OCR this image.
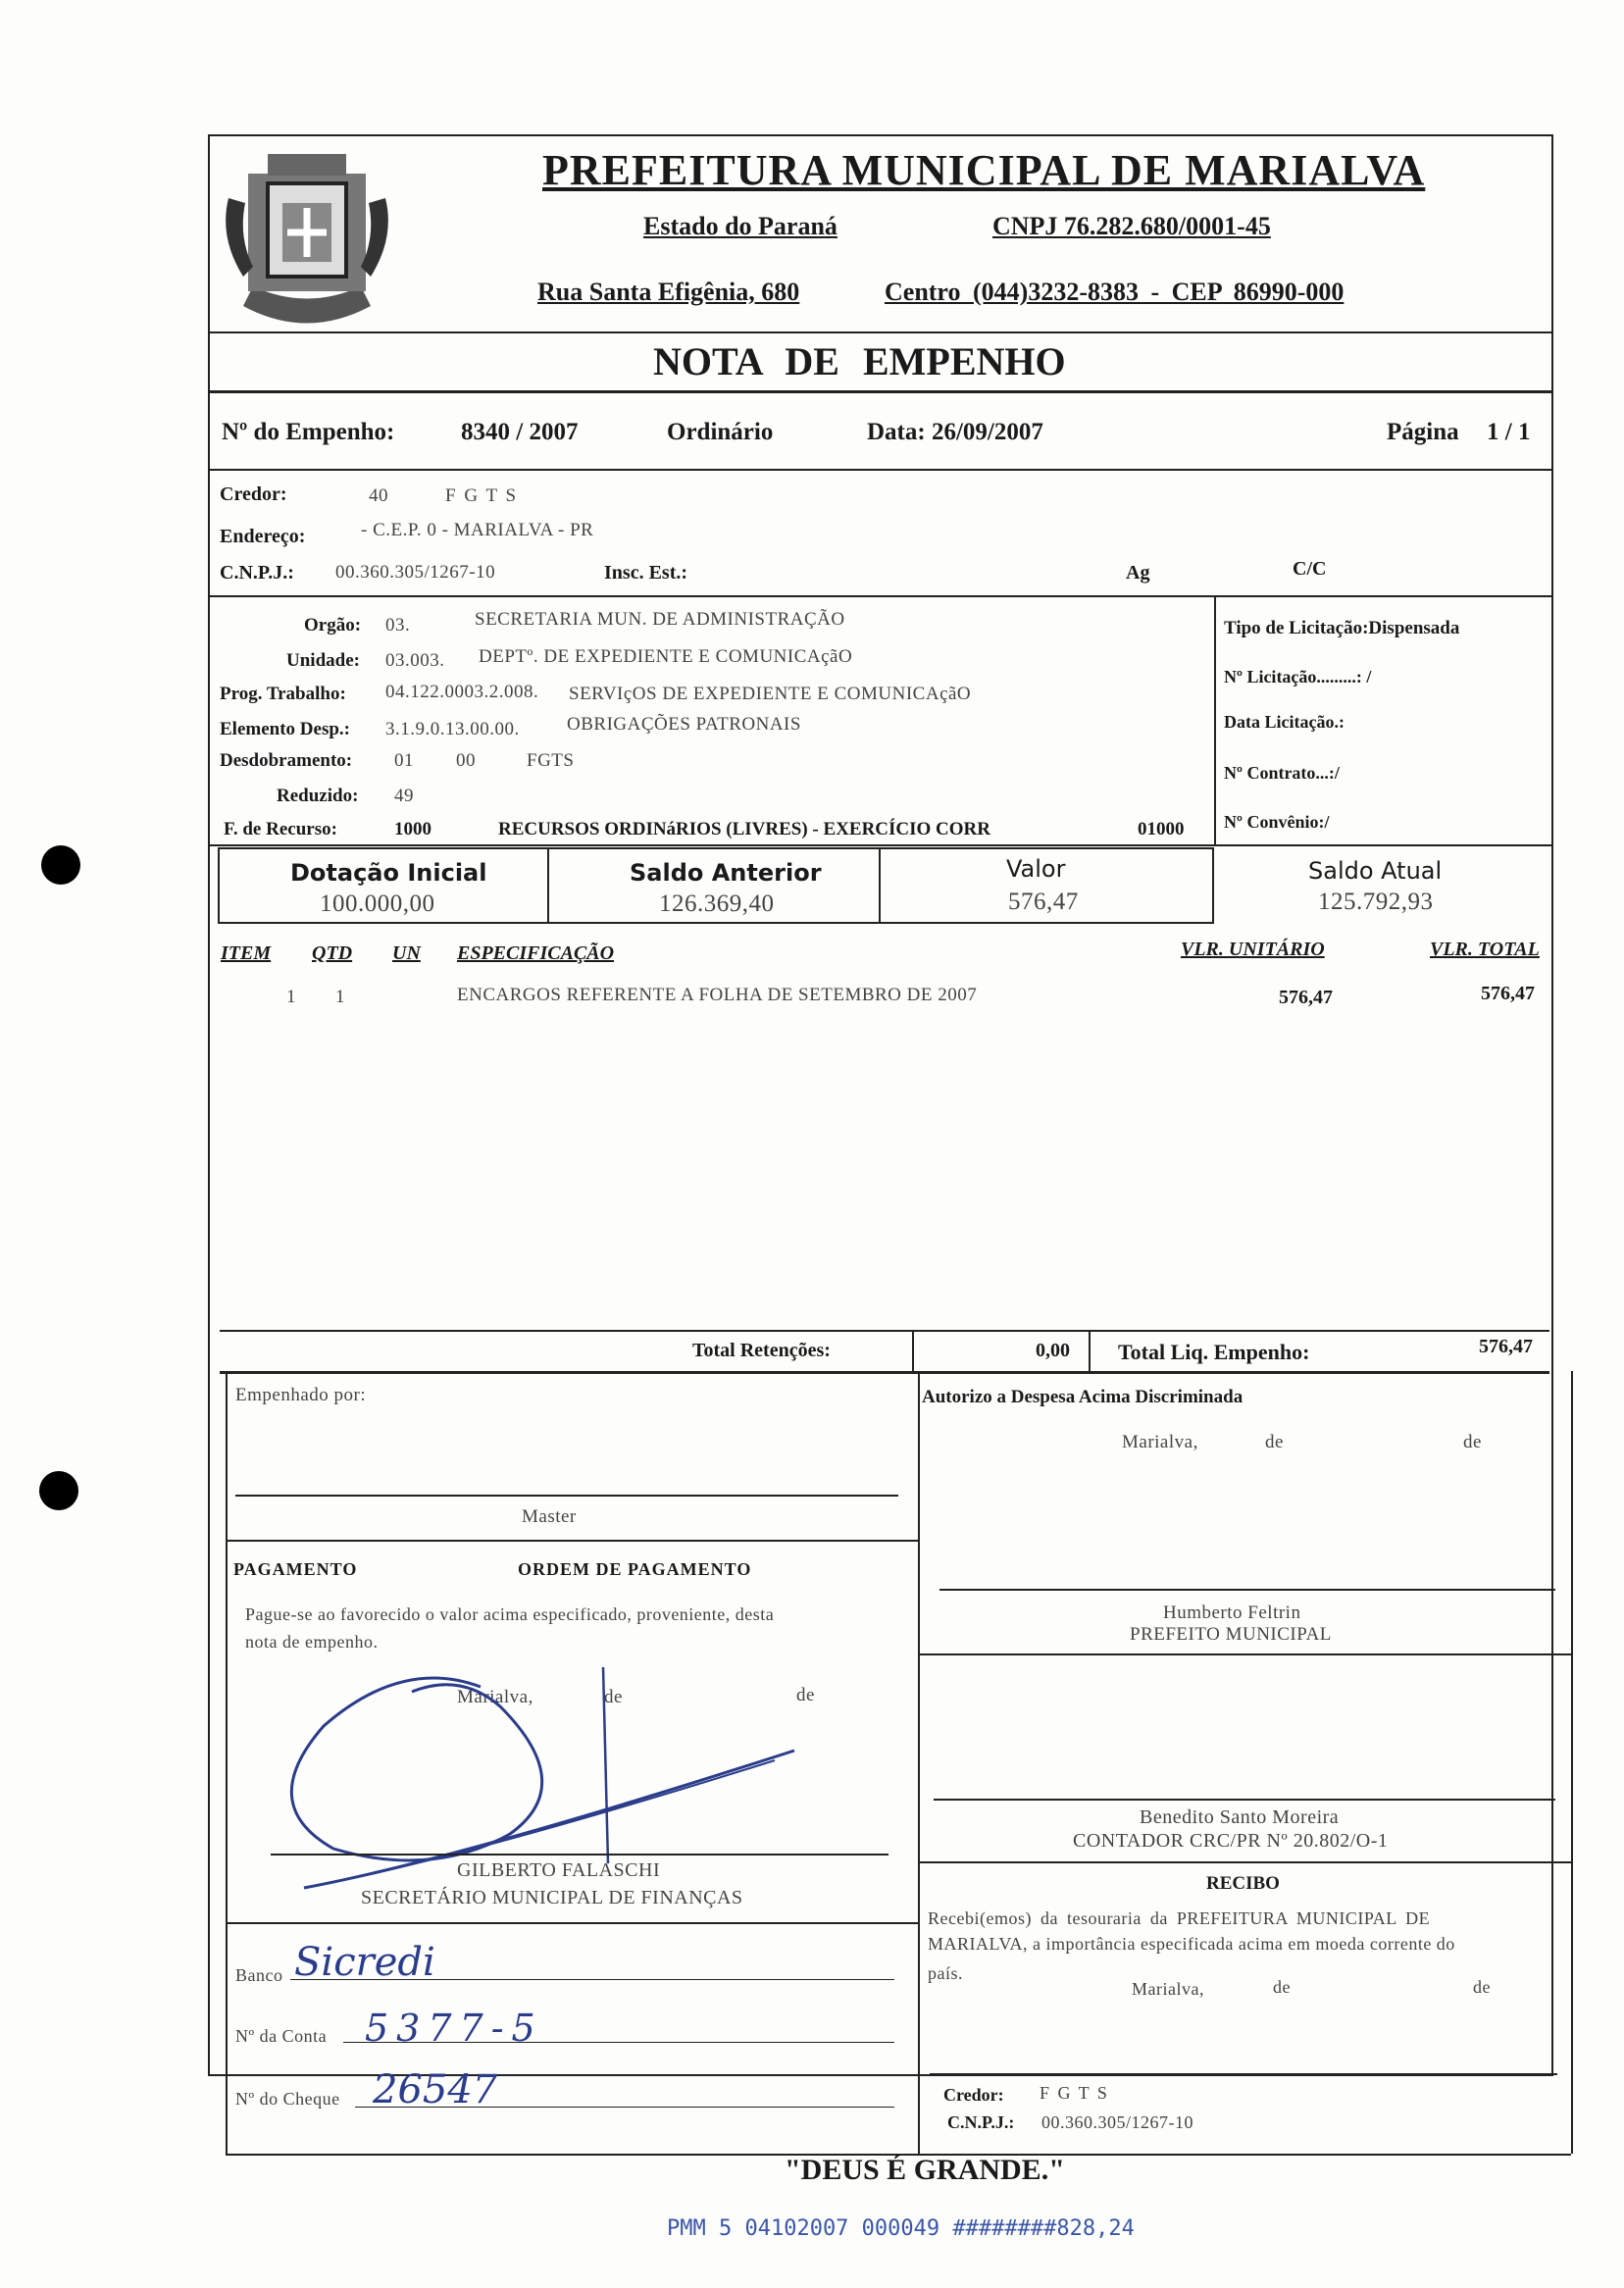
PREFEITURA MUNICIPAL DE MARIALVA
Estado do Paraná	CNPJ 76.282.680/0001-45
Rua Santa Efigênia, 680	Centro (044)3232-8383 - CEP 86990-000
NOTA DE EMPENHO
Nº do Empenho:	8340 / 2007	Ordinário	Data: 26/09/2007	Página 1 / 1
Credor:	40	F G T S
Endereço:	- C.E.P. 0 - MARIALVA - PR
C.N.P.J.: 00.360.305/1267-10	Insc. Est.:	Ag	C/C
Orgão: 03.	SECRETARIA MUN. DE ADMINISTRAÇÃO
Unidade: 03.003. DEPTº. DE EXPEDIENTE E COMUNICAçãO
Prog. Trabalho: 04.122.0003.2.008. SERVIçOS DE EXPEDIENTE E COMUNICAçãO
Elemento Desp.: 3.1.9.0.13.00.00.	OBRIGAÇÕES PATRONAIS
Desdobramento: 01 00	FGTS
Reduzido: 49
F. de Recurso:	1000	RECURSOS ORDINáRIOS (LIVRES) - EXERCÍCIO CORR	01000
Tipo de Licitação:Dispensada
Nº Licitação.........: /
Data Licitação.:
Nº Contrato...:/
Nº Convênio:/
Dotação Inicial
100.000,00
Saldo Anterior
126.369,40
Valor
576,47
Saldo Atual
125.792,93
ITEM QTD UN ESPECIFICAÇÃO	VLR. UNITÁRIO	VLR. TOTAL
1 1	ENCARGOS REFERENTE A FOLHA DE SETEMBRO DE 2007	576,47	576,47
Total Retenções:	0,00 Total Liq. Empenho:	576,47
Empenhado por:
Master
PAGAMENTO	ORDEM DE PAGAMENTO
Pague-se ao favorecido o valor acima especificado, proveniente, desta
nota de empenho.
Marialva,	de	de
GILBERTO FALASCHI
SECRETÁRIO MUNICIPAL DE FINANÇAS
Banco Sicredi
Nº da Conta 5377-5
Nº do Cheque 26547
Autorizo a Despesa Acima Discriminada
Marialva,	de	de
Humberto Feltrin
PREFEITO MUNICIPAL
Benedito Santo Moreira
CONTADOR CRC/PR Nº 20.802/O-1
RECIBO
Recebi(emos) da tesouraria da PREFEITURA MUNICIPAL DE
MARIALVA, a importância especificada acima em moeda corrente do
país.
Marialva,	de	de
Credor: F G T S
C.N.P.J.: 00.360.305/1267-10
"DEUS É GRANDE."
PMM 5 04102007 000049 ########828,24
